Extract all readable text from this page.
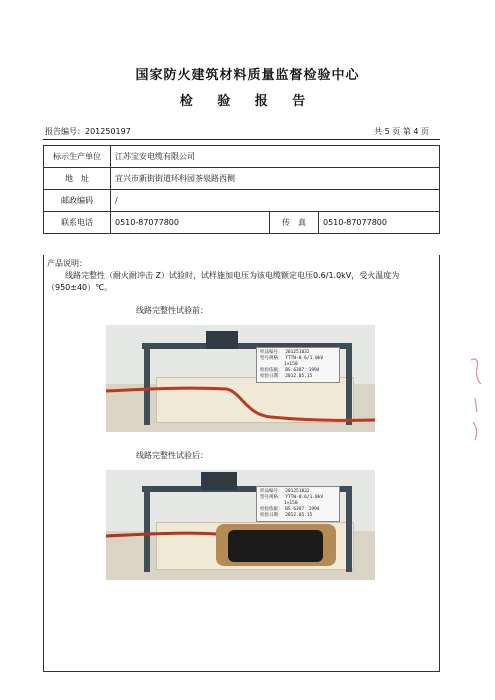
国家防火建筑材料质量监督检验中心
检 验 报 告
报告编号：201250197	共 5 页 第 4 页
标示生产单位	江苏宝安电缆有限公司		
地　址	宜兴市新街街道环科园茶泉路西侧		
邮政编码	/		
联系电话	0510-87077800	传　真	0510-87077800
产品说明：
线路完整性（耐火耐冲击 Z）试验时，试样施加电压为该电缆额定电压0.6/1.0kV，受火温度为（950±40）℃。
线路完整性试验前：
样品编号： 201251832
型号规格： YTTW-0.6/1.0kV
1×150
检验依据： BS 6387：1994
检验日期： 2012.05.15
线路完整性试验后：
样品编号： 201251832
型号规格： YTTW-0.6/1.0kV
1×150
检验依据： BS 6387：1994
检验日期： 2012.05.15
